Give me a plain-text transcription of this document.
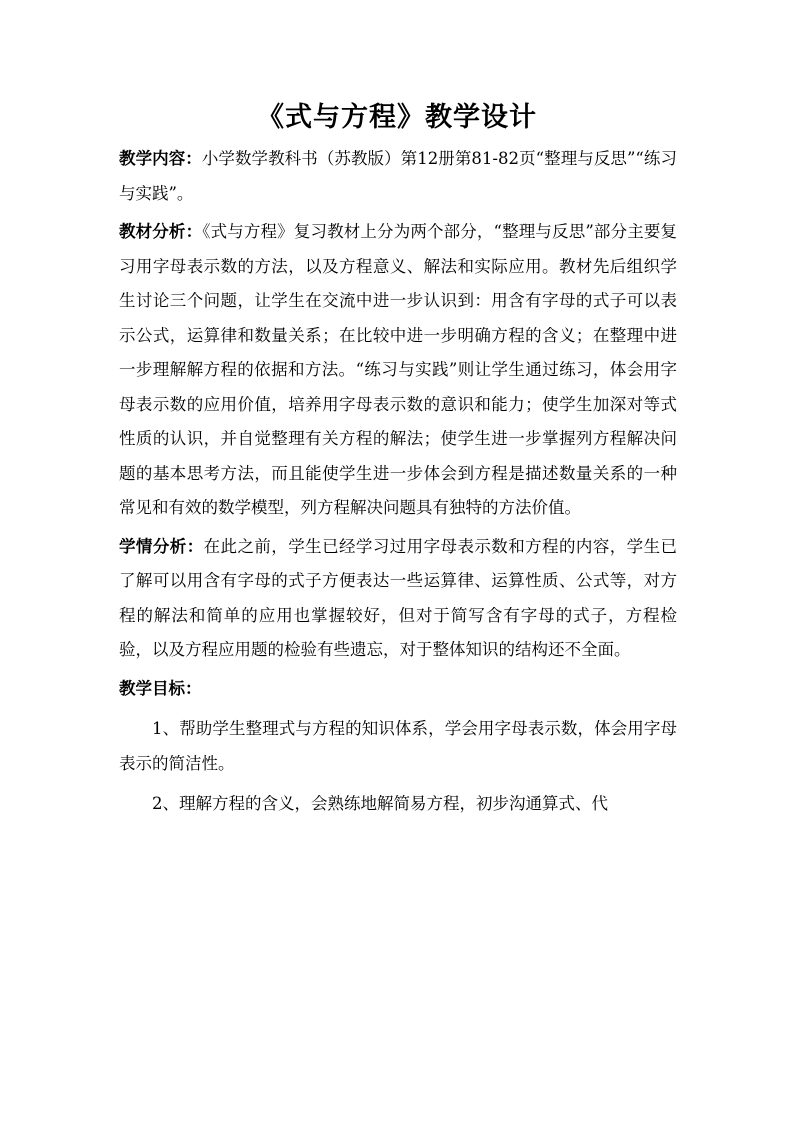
《式与方程》教学设计

教学内容：小学数学教科书（苏教版）第12册第81-82页“整理与反思”“练习与实践”。

教材分析：《式与方程》复习教材上分为两个部分，“整理与反思”部分主要复习用字母表示数的方法，以及方程意义、解法和实际应用。教材先后组织学生讨论三个问题，让学生在交流中进一步认识到：用含有字母的式子可以表示公式，运算律和数量关系；在比较中进一步明确方程的含义；在整理中进一步理解解方程的依据和方法。“练习与实践”则让学生通过练习，体会用字母表示数的应用价值，培养用字母表示数的意识和能力；使学生加深对等式性质的认识，并自觉整理有关方程的解法；使学生进一步掌握列方程解决问题的基本思考方法，而且能使学生进一步体会到方程是描述数量关系的一种常见和有效的数学模型，列方程解决问题具有独特的方法价值。

学情分析：在此之前，学生已经学习过用字母表示数和方程的内容，学生已了解可以用含有字母的式子方便表达一些运算律、运算性质、公式等，对方程的解法和简单的应用也掌握较好，但对于简写含有字母的式子，方程检验，以及方程应用题的检验有些遗忘，对于整体知识的结构还不全面。

教学目标：

1、帮助学生整理式与方程的知识体系，学会用字母表示数，体会用字母表示的简洁性。

2、理解方程的含义，会熟练地解简易方程，初步沟通算式、代
